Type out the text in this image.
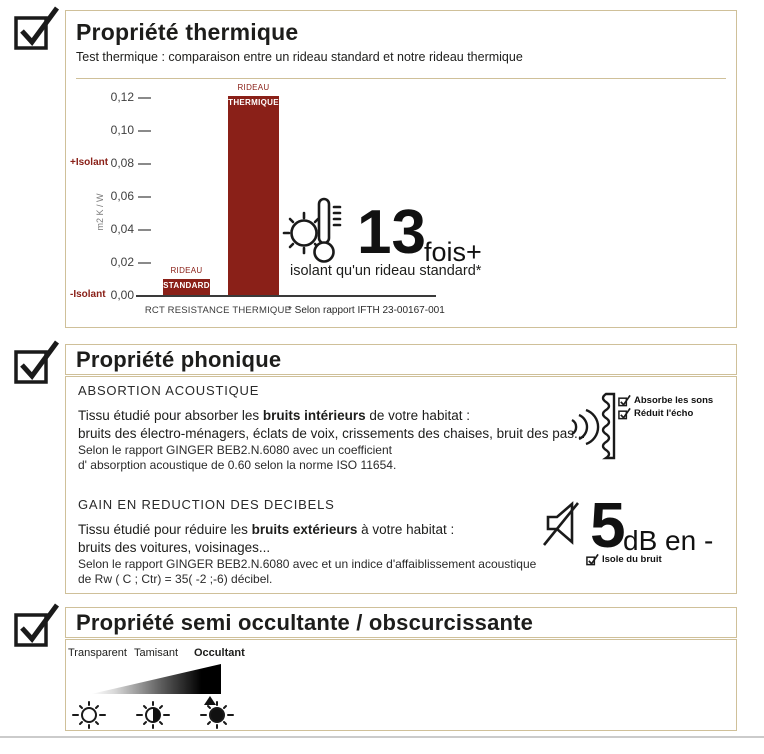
Propriété thermique
Test thermique : comparaison entre un rideau standard et notre rideau thermique
m2 K / W
+Isolant
-Isolant 0,00
0,02
0,04
0,06
0,08
0,10
0,12
RIDEAU
STANDARD
RIDEAU
THERMIQUE
RCT RESISTANCE THERMIQUE
* Selon rapport IFTH 23-00167-001
13
fois+
isolant qu'un rideau standard*
Propriété phonique
ABSORTION ACOUSTIQUE
Tissu étudié pour absorber les bruits intérieurs de votre habitat :
bruits des électro-ménagers, éclats de voix, crissements des chaises, bruit des pas...
Selon le rapport GINGER BEB2.N.6080 avec un coefficient
d' absorption acoustique de 0.60 selon la norme ISO 11654.
Absorbe les sons
Réduit l'écho
GAIN EN REDUCTION DES DECIBELS
Tissu étudié pour réduire les bruits extérieurs à votre habitat :
bruits des voitures, voisinages...
Selon le rapport GINGER BEB2.N.6080 avec et un indice d'affaiblissement acoustique
de Rw ( C ; Ctr) = 35( -2 ;-6) décibel.
5
dB en -
Isole du bruit
Propriété semi occultante / obscurcissante
Transparent Tamisant Occultant
